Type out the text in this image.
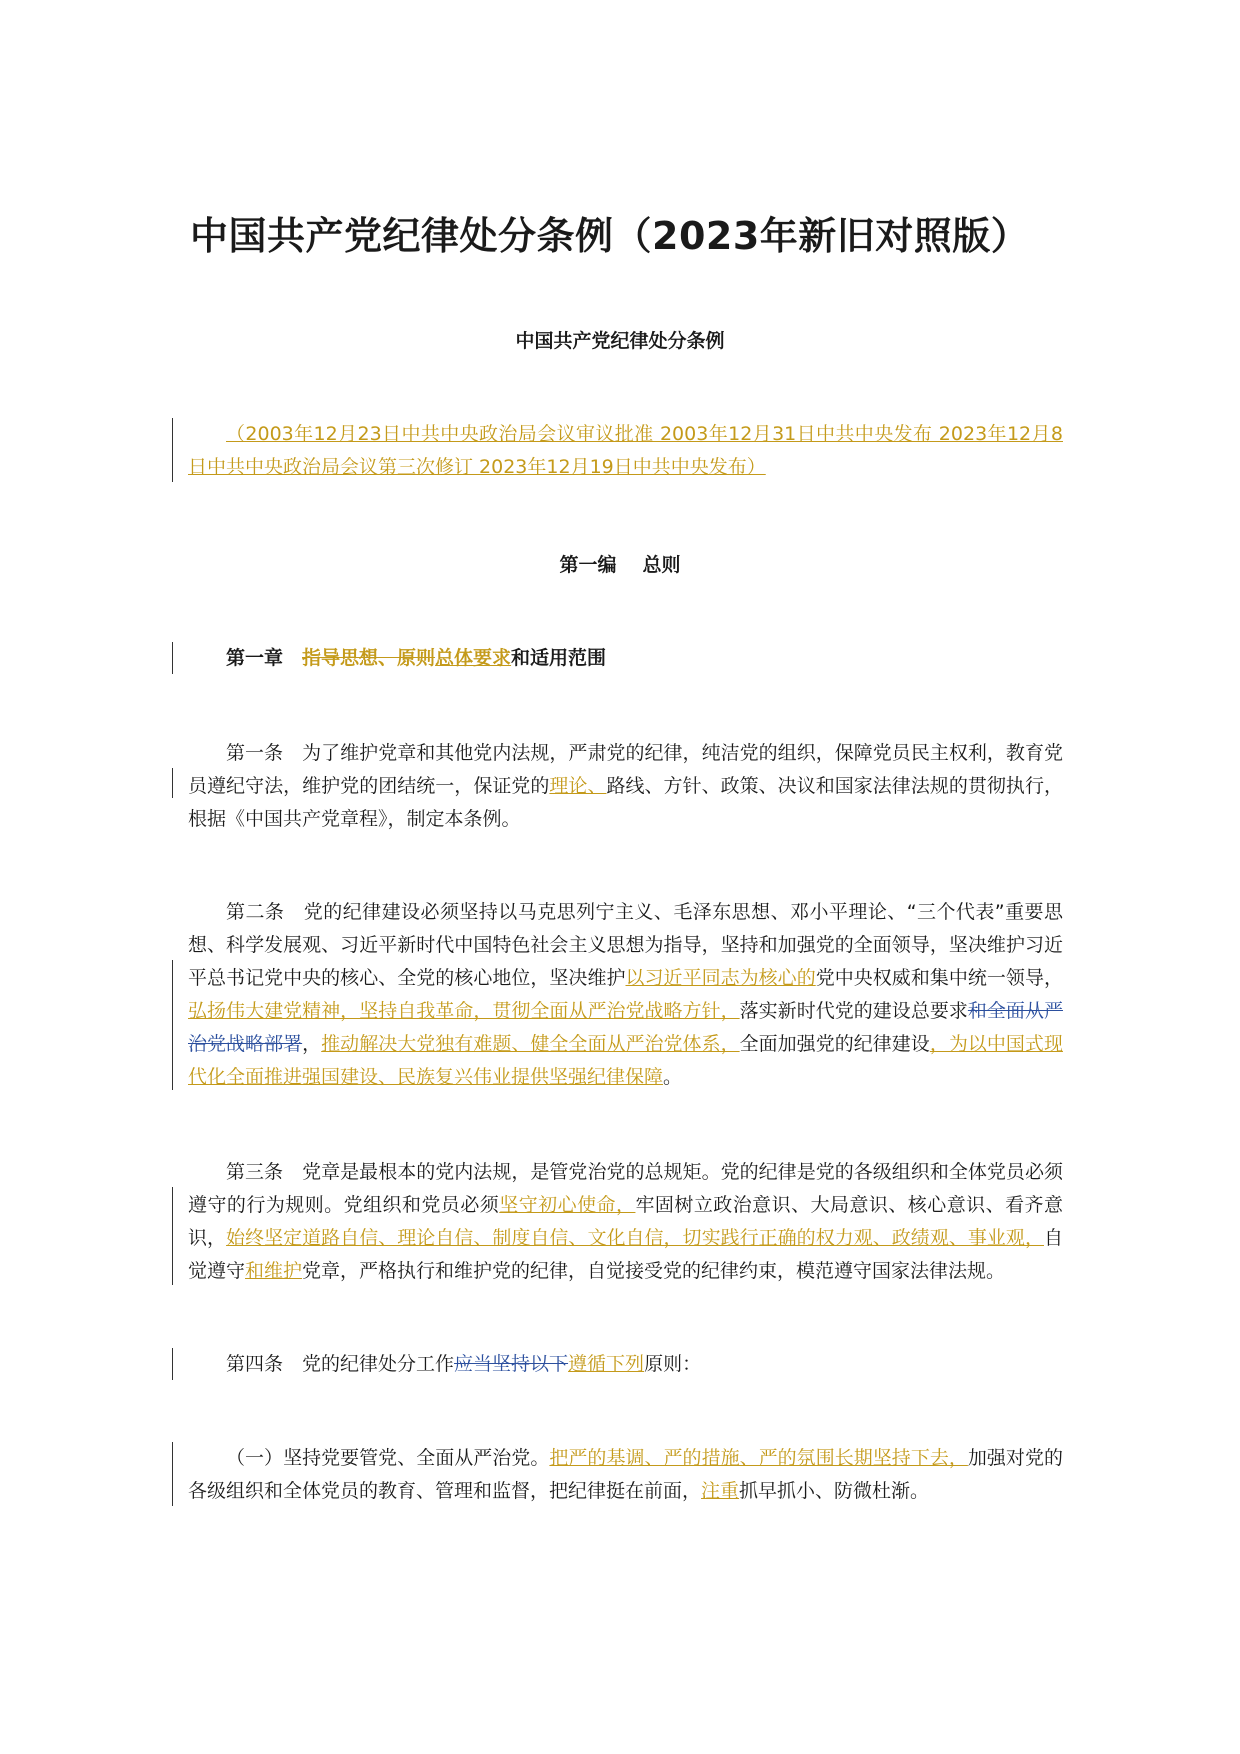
中国共产党纪律处分条例（2023年新旧对照版）
中国共产党纪律处分条例

（2003年12月23日中共中央政治局会议审议批准 2003年12月31日中共中央发布 2023年12月8日中共中央政治局会议第三次修订 2023年12月19日中共中央发布）

第一编 总则

第一章 指导思想、原则总体要求和适用范围

第一条 为了维护党章和其他党内法规，严肃党的纪律，纯洁党的组织，保障党员民主权利，教育党员遵纪守法，维护党的团结统一，保证党的理论、路线、方针、政策、决议和国家法律法规的贯彻执行，根据《中国共产党章程》，制定本条例。

第二条 党的纪律建设必须坚持以马克思列宁主义、毛泽东思想、邓小平理论、“三个代表”重要思想、科学发展观、习近平新时代中国特色社会主义思想为指导，坚持和加强党的全面领导，坚决维护习近平总书记党中央的核心、全党的核心地位，坚决维护以习近平同志为核心的党中央权威和集中统一领导，弘扬伟大建党精神，坚持自我革命，贯彻全面从严治党战略方针，落实新时代党的建设总要求和全面从严治党战略部署，推动解决大党独有难题、健全全面从严治党体系，全面加强党的纪律建设，为以中国式现代化全面推进强国建设、民族复兴伟业提供坚强纪律保障。

第三条 党章是最根本的党内法规，是管党治党的总规矩。党的纪律是党的各级组织和全体党员必须遵守的行为规则。党组织和党员必须坚守初心使命，牢固树立政治意识、大局意识、核心意识、看齐意识，始终坚定道路自信、理论自信、制度自信、文化自信，切实践行正确的权力观、政绩观、事业观，自觉遵守和维护党章，严格执行和维护党的纪律，自觉接受党的纪律约束，模范遵守国家法律法规。

第四条 党的纪律处分工作应当坚持以下遵循下列原则：

（一）坚持党要管党、全面从严治党。把严的基调、严的措施、严的氛围长期坚持下去，加强对党的各级组织和全体党员的教育、管理和监督，把纪律挺在前面，注重抓早抓小、防微杜渐。
